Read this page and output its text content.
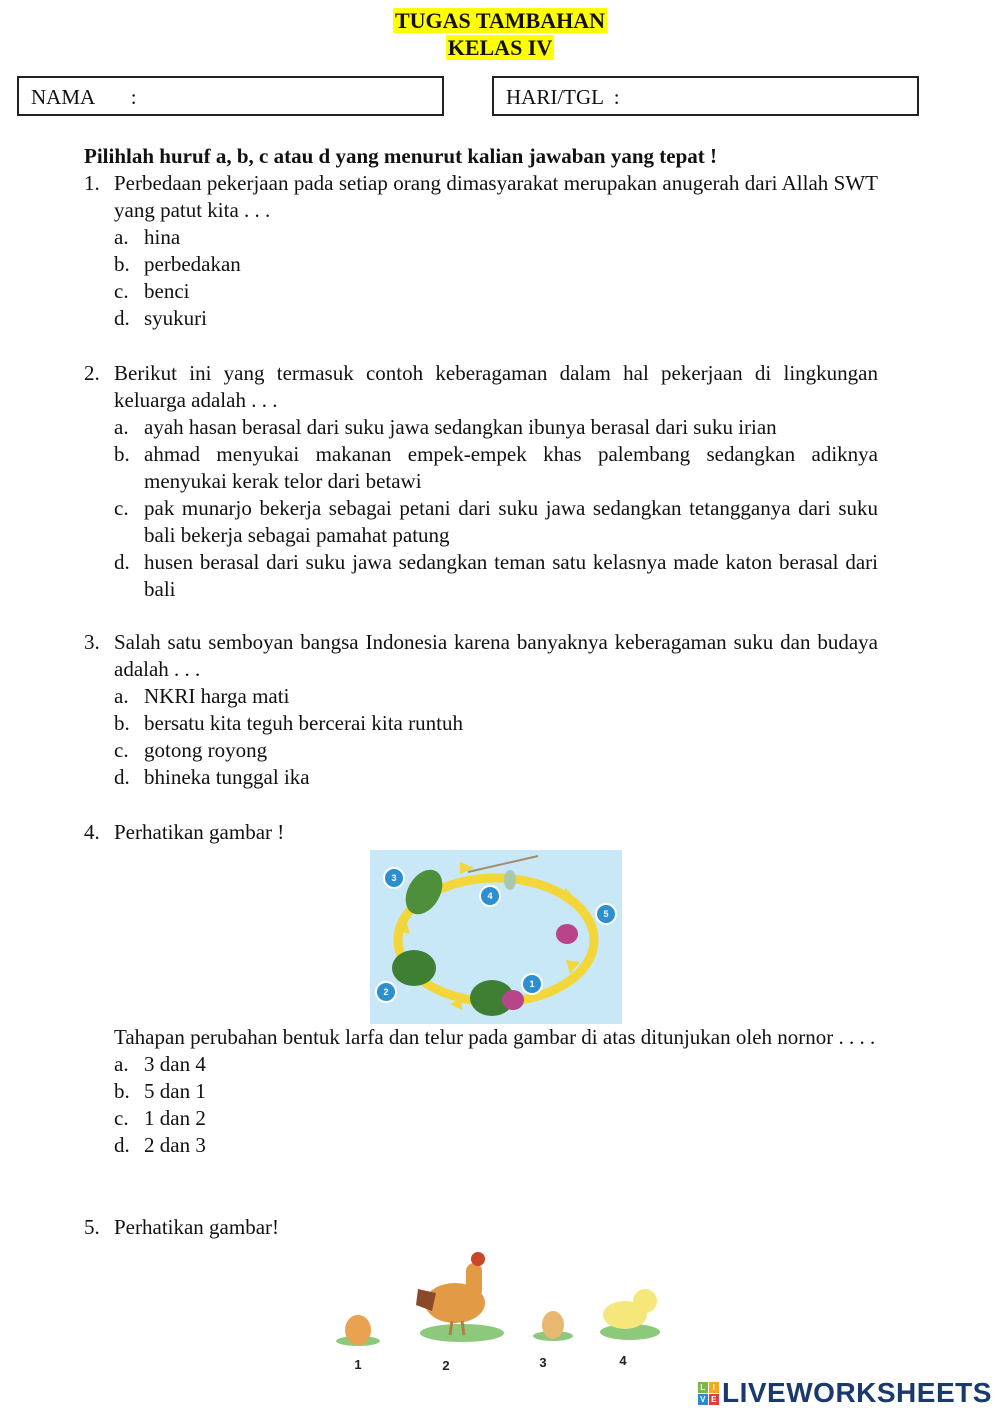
TUGAS TAMBAHAN
KELAS IV
NAMA       :	HARI/TGL  :
Pilihlah huruf a, b, c atau d yang menurut kalian jawaban yang tepat !
1. Perbedaan pekerjaan pada setiap orang dimasyarakat merupakan anugerah dari Allah SWT yang patut kita . . .
a. hina
b. perbedakan
c. benci
d. syukuri
2. Berikut ini yang termasuk contoh keberagaman dalam hal pekerjaan di lingkungan keluarga adalah . . .
a. ayah hasan berasal dari suku jawa sedangkan ibunya berasal dari suku irian
b. ahmad menyukai makanan empek-empek khas palembang sedangkan adiknya menyukai kerak telor dari betawi
c. pak munarjo bekerja sebagai petani dari suku jawa sedangkan tetangganya dari suku bali bekerja sebagai pamahat patung
d. husen berasal dari suku jawa sedangkan teman satu kelasnya made katon berasal dari bali
3. Salah satu semboyan bangsa Indonesia karena banyaknya keberagaman suku dan budaya adalah . . .
a. NKRI harga mati
b. bersatu kita teguh bercerai kita runtuh
c. gotong royong
d. bhineka tunggal ika
4. Perhatikan gambar !
3
4
5
1
2
Tahapan perubahan bentuk larfa dan telur pada gambar di atas ditunjukan oleh nornor . . . .
a. 3 dan 4
b. 5 dan 1
c. 1 dan 2
d. 2 dan 3
5. Perhatikan gambar!
1	2	3	4
L I
V E LIVEWORKSHEETS
